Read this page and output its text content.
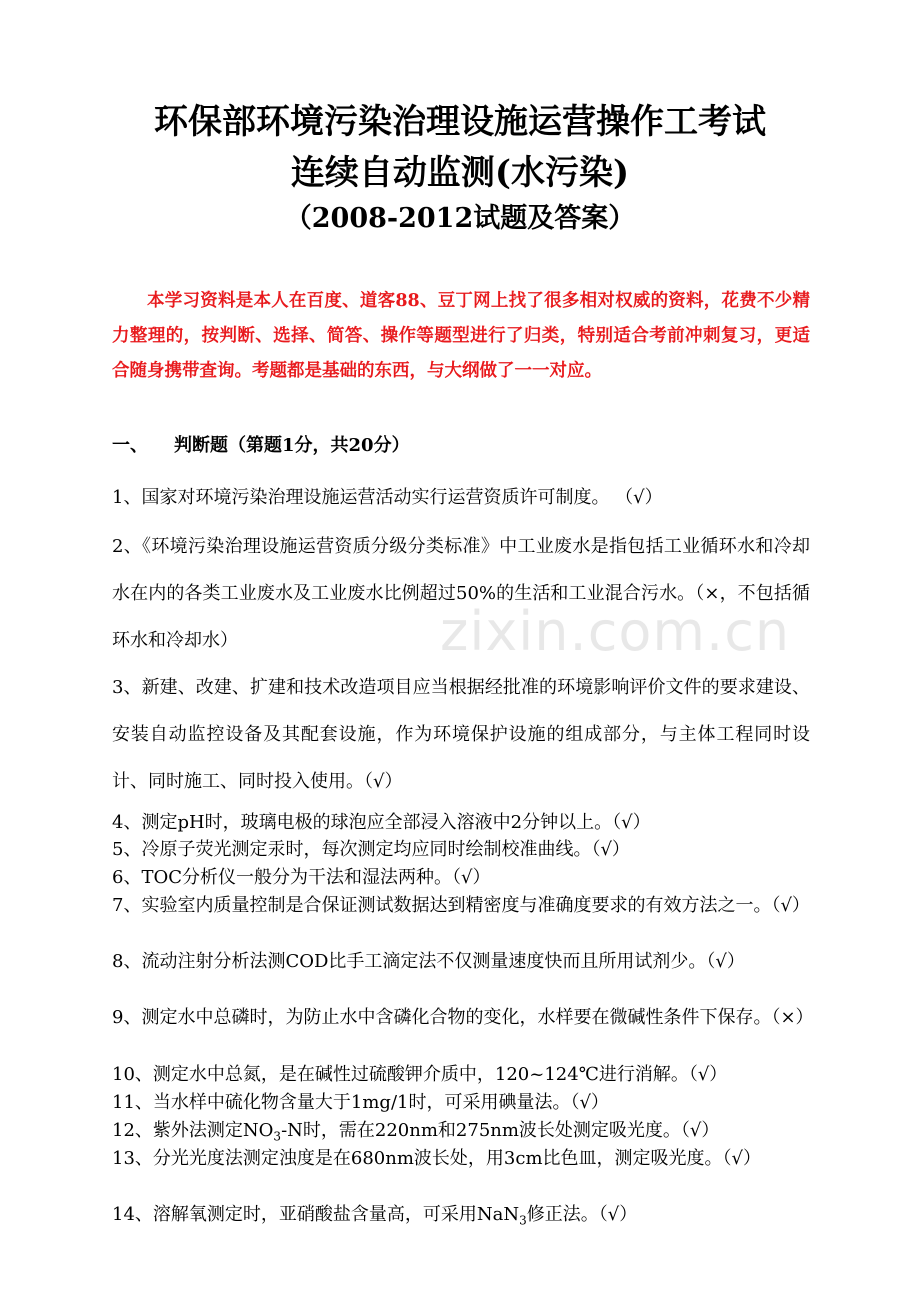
环保部环境污染治理设施运营操作工考试

连续自动监测(水污染)

（2008-2012试题及答案）

本学习资料是本人在百度、道客88、豆丁网上找了很多相对权威的资料，花费不少精力整理的，按判断、选择、简答、操作等题型进行了归类，特别适合考前冲刺复习，更适合随身携带查询。考题都是基础的东西，与大纲做了一一对应。

一、 判断题（第题1分，共20分）

zixin.com.cn

1、国家对环境污染治理设施运营活动实行运营资质许可制度。 （√）

2、《环境污染治理设施运营资质分级分类标准》中工业废水是指包括工业循环水和冷却水在内的各类工业废水及工业废水比例超过50%的生活和工业混合污水。（×，不包括循环水和冷却水）

3、新建、改建、扩建和技术改造项目应当根据经批准的环境影响评价文件的要求建设、安装自动监控设备及其配套设施，作为环境保护设施的组成部分，与主体工程同时设计、同时施工、同时投入使用。（√）

4、测定pH时，玻璃电极的球泡应全部浸入溶液中2分钟以上。（√）

5、冷原子荧光测定汞时，每次测定均应同时绘制校准曲线。（√）

6、TOC分析仪一般分为干法和湿法两种。（√）

7、实验室内质量控制是合保证测试数据达到精密度与准确度要求的有效方法之一。（√）

8、流动注射分析法测COD比手工滴定法不仅测量速度快而且所用试剂少。（√）

9、测定水中总磷时，为防止水中含磷化合物的变化，水样要在微碱性条件下保存。（×）

10、测定水中总氮，是在碱性过硫酸钾介质中，120~124℃进行消解。（√）

11、当水样中硫化物含量大于1mg/1时，可采用碘量法。（√）

12、紫外法测定$NO_3-N$时，需在220nm和275nm波长处测定吸光度。（√）

13、分光光度法测定浊度是在680nm波长处，用3cm比色皿，测定吸光度。（√）

14、溶解氧测定时，亚硝酸盐含量高，可采用NaN$_3$修正法。（√）
